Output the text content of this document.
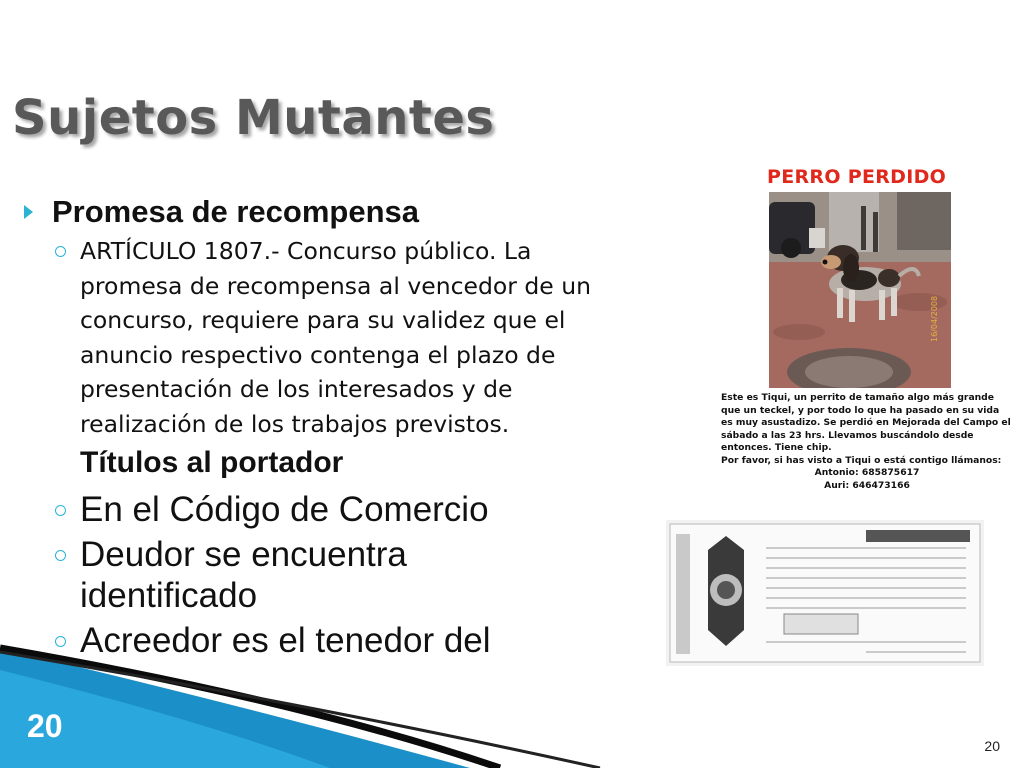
Sujetos Mutantes
Promesa de recompensa
ARTÍCULO 1807.- Concurso público. La promesa de recompensa al vencedor de un concurso, requiere para su validez que el anuncio respectivo contenga el plazo de presentación de los interesados y de realización de los trabajos previstos. Títulos al portador
En el Código de Comercio
Deudor se encuentra identificado
Acreedor es el tenedor del
PERRO PERDIDO
16/04/2008
Este es Tiqui, un perrito de tamaño algo más grande que un teckel, y por todo lo que ha pasado en su vida es muy asustadizo. Se perdió en Mejorada del Campo el sábado a las 23 hrs. Llevamos buscándolo desde entonces. Tiene chip.
Por favor, si has visto a Tiqui o está contigo llámanos:
Antonio: 685875617
Auri: 646473166
20
20
